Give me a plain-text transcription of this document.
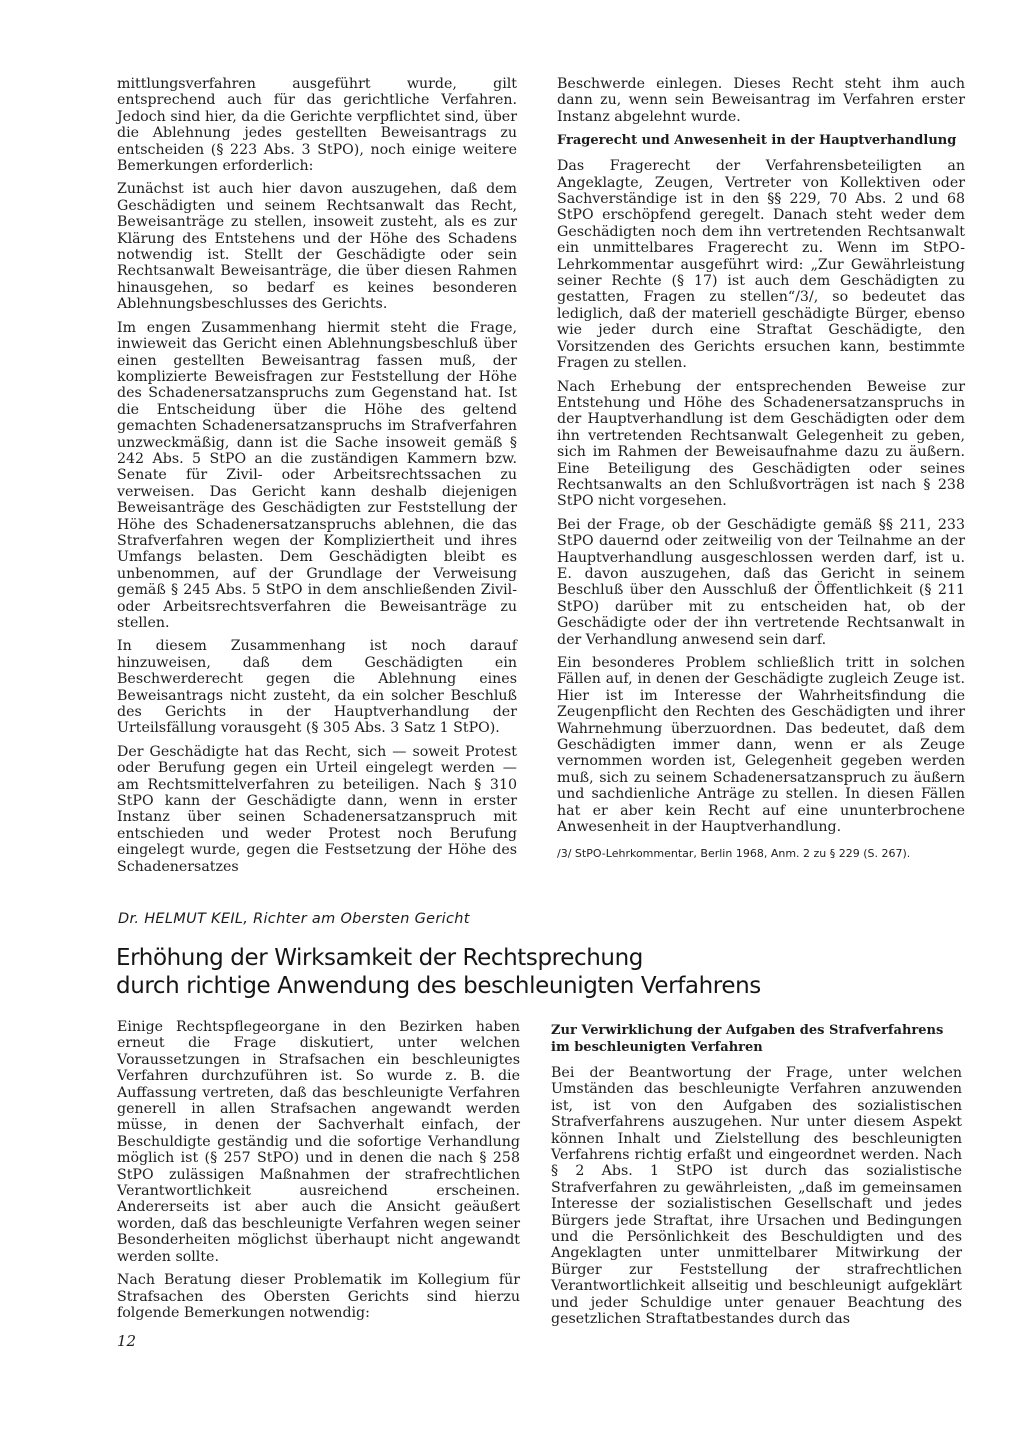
mittlungsverfahren ausgeführt wurde, gilt entsprechend auch für das gerichtliche Verfahren. Jedoch sind hier, da die Gerichte verpflichtet sind, über die Ablehnung jedes gestellten Beweisantrags zu entscheiden (§ 223 Abs. 3 StPO), noch einige weitere Bemerkungen erforderlich:

Zunächst ist auch hier davon auszugehen, daß dem Geschädigten und seinem Rechtsanwalt das Recht, Beweisanträge zu stellen, insoweit zusteht, als es zur Klärung des Entstehens und der Höhe des Schadens notwendig ist. Stellt der Geschädigte oder sein Rechtsanwalt Beweisanträge, die über diesen Rahmen hinausgehen, so bedarf es keines besonderen Ablehnungsbeschlusses des Gerichts.

Im engen Zusammenhang hiermit steht die Frage, inwieweit das Gericht einen Ablehnungsbeschluß über einen gestellten Beweisantrag fassen muß, der komplizierte Beweisfragen zur Feststellung der Höhe des Schadenersatzanspruchs zum Gegenstand hat. Ist die Entscheidung über die Höhe des geltend gemachten Schadenersatzanspruchs im Strafverfahren unzweckmäßig, dann ist die Sache insoweit gemäß § 242 Abs. 5 StPO an die zuständigen Kammern bzw. Senate für Zivil- oder Arbeitsrechtssachen zu verweisen. Das Gericht kann deshalb diejenigen Beweisanträge des Geschädigten zur Feststellung der Höhe des Schadenersatzanspruchs ablehnen, die das Strafverfahren wegen der Kompliziertheit und ihres Umfangs belasten. Dem Geschädigten bleibt es unbenommen, auf der Grundlage der Verweisung gemäß § 245 Abs. 5 StPO in dem anschließenden Zivil- oder Arbeitsrechtsverfahren die Beweisanträge zu stellen.

In diesem Zusammenhang ist noch darauf hinzuweisen, daß dem Geschädigten ein Beschwerderecht gegen die Ablehnung eines Beweisantrags nicht zusteht, da ein solcher Beschluß des Gerichts in der Hauptverhandlung der Urteilsfällung vorausgeht (§ 305 Abs. 3 Satz 1 StPO).

Der Geschädigte hat das Recht, sich — soweit Protest oder Berufung gegen ein Urteil eingelegt werden — am Rechtsmittelverfahren zu beteiligen. Nach § 310 StPO kann der Geschädigte dann, wenn in erster Instanz über seinen Schadenersatzanspruch mit entschieden und weder Protest noch Berufung eingelegt wurde, gegen die Festsetzung der Höhe des Schadenersatzes

Beschwerde einlegen. Dieses Recht steht ihm auch dann zu, wenn sein Beweisantrag im Verfahren erster Instanz abgelehnt wurde.

Fragerecht und Anwesenheit in der Hauptverhandlung

Das Fragerecht der Verfahrensbeteiligten an Angeklagte, Zeugen, Vertreter von Kollektiven oder Sachverständige ist in den §§ 229, 70 Abs. 2 und 68 StPO erschöpfend geregelt. Danach steht weder dem Geschädigten noch dem ihn vertretenden Rechtsanwalt ein unmittelbares Fragerecht zu. Wenn im StPO-Lehrkommentar ausgeführt wird: „Zur Gewährleistung seiner Rechte (§ 17) ist auch dem Geschädigten zu gestatten, Fragen zu stellen“/3/, so bedeutet das lediglich, daß der materiell geschädigte Bürger, ebenso wie jeder durch eine Straftat Geschädigte, den Vorsitzenden des Gerichts ersuchen kann, bestimmte Fragen zu stellen.

Nach Erhebung der entsprechenden Beweise zur Entstehung und Höhe des Schadenersatzanspruchs in der Hauptverhandlung ist dem Geschädigten oder dem ihn vertretenden Rechtsanwalt Gelegenheit zu geben, sich im Rahmen der Beweisaufnahme dazu zu äußern. Eine Beteiligung des Geschädigten oder seines Rechtsanwalts an den Schlußvorträgen ist nach § 238 StPO nicht vorgesehen.

Bei der Frage, ob der Geschädigte gemäß §§ 211, 233 StPO dauernd oder zeitweilig von der Teilnahme an der Hauptverhandlung ausgeschlossen werden darf, ist u. E. davon auszugehen, daß das Gericht in seinem Beschluß über den Ausschluß der Öffentlichkeit (§ 211 StPO) darüber mit zu entscheiden hat, ob der Geschädigte oder der ihn vertretende Rechtsanwalt in der Verhandlung anwesend sein darf.

Ein besonderes Problem schließlich tritt in solchen Fällen auf, in denen der Geschädigte zugleich Zeuge ist. Hier ist im Interesse der Wahrheitsfindung die Zeugenpflicht den Rechten des Geschädigten und ihrer Wahrnehmung überzuordnen. Das bedeutet, daß dem Geschädigten immer dann, wenn er als Zeuge vernommen worden ist, Gelegenheit gegeben werden muß, sich zu seinem Schadenersatzanspruch zu äußern und sachdienliche Anträge zu stellen. In diesen Fällen hat er aber kein Recht auf eine ununterbrochene Anwesenheit in der Hauptverhandlung.

/3/ StPO-Lehrkommentar, Berlin 1968, Anm. 2 zu § 229 (S. 267).

Dr. HELMUT KEIL, Richter am Obersten Gericht

Erhöhung der Wirksamkeit der Rechtsprechung
durch richtige Anwendung des beschleunigten Verfahrens

Einige Rechtspflegeorgane in den Bezirken haben erneut die Frage diskutiert, unter welchen Voraussetzungen in Strafsachen ein beschleunigtes Verfahren durchzuführen ist. So wurde z. B. die Auffassung vertreten, daß das beschleunigte Verfahren generell in allen Strafsachen angewandt werden müsse, in denen der Sachverhalt einfach, der Beschuldigte geständig und die sofortige Verhandlung möglich ist (§ 257 StPO) und in denen die nach § 258 StPO zulässigen Maßnahmen der strafrechtlichen Verantwortlichkeit ausreichend erscheinen. Andererseits ist aber auch die Ansicht geäußert worden, daß das beschleunigte Verfahren wegen seiner Besonderheiten möglichst überhaupt nicht angewandt werden sollte.

Nach Beratung dieser Problematik im Kollegium für Strafsachen des Obersten Gerichts sind hierzu folgende Bemerkungen notwendig:

Zur Verwirklichung der Aufgaben des Strafverfahrens im beschleunigten Verfahren

Bei der Beantwortung der Frage, unter welchen Umständen das beschleunigte Verfahren anzuwenden ist, ist von den Aufgaben des sozialistischen Strafverfahrens auszugehen. Nur unter diesem Aspekt können Inhalt und Zielstellung des beschleunigten Verfahrens richtig erfaßt und eingeordnet werden. Nach § 2 Abs. 1 StPO ist durch das sozialistische Strafverfahren zu gewährleisten, „daß im gemeinsamen Interesse der sozialistischen Gesellschaft und jedes Bürgers jede Straftat, ihre Ursachen und Bedingungen und die Persönlichkeit des Beschuldigten und des Angeklagten unter unmittelbarer Mitwirkung der Bürger zur Feststellung der strafrechtlichen Verantwortlichkeit allseitig und beschleunigt aufgeklärt und jeder Schuldige unter genauer Beachtung des gesetzlichen Straftatbestandes durch das

12
